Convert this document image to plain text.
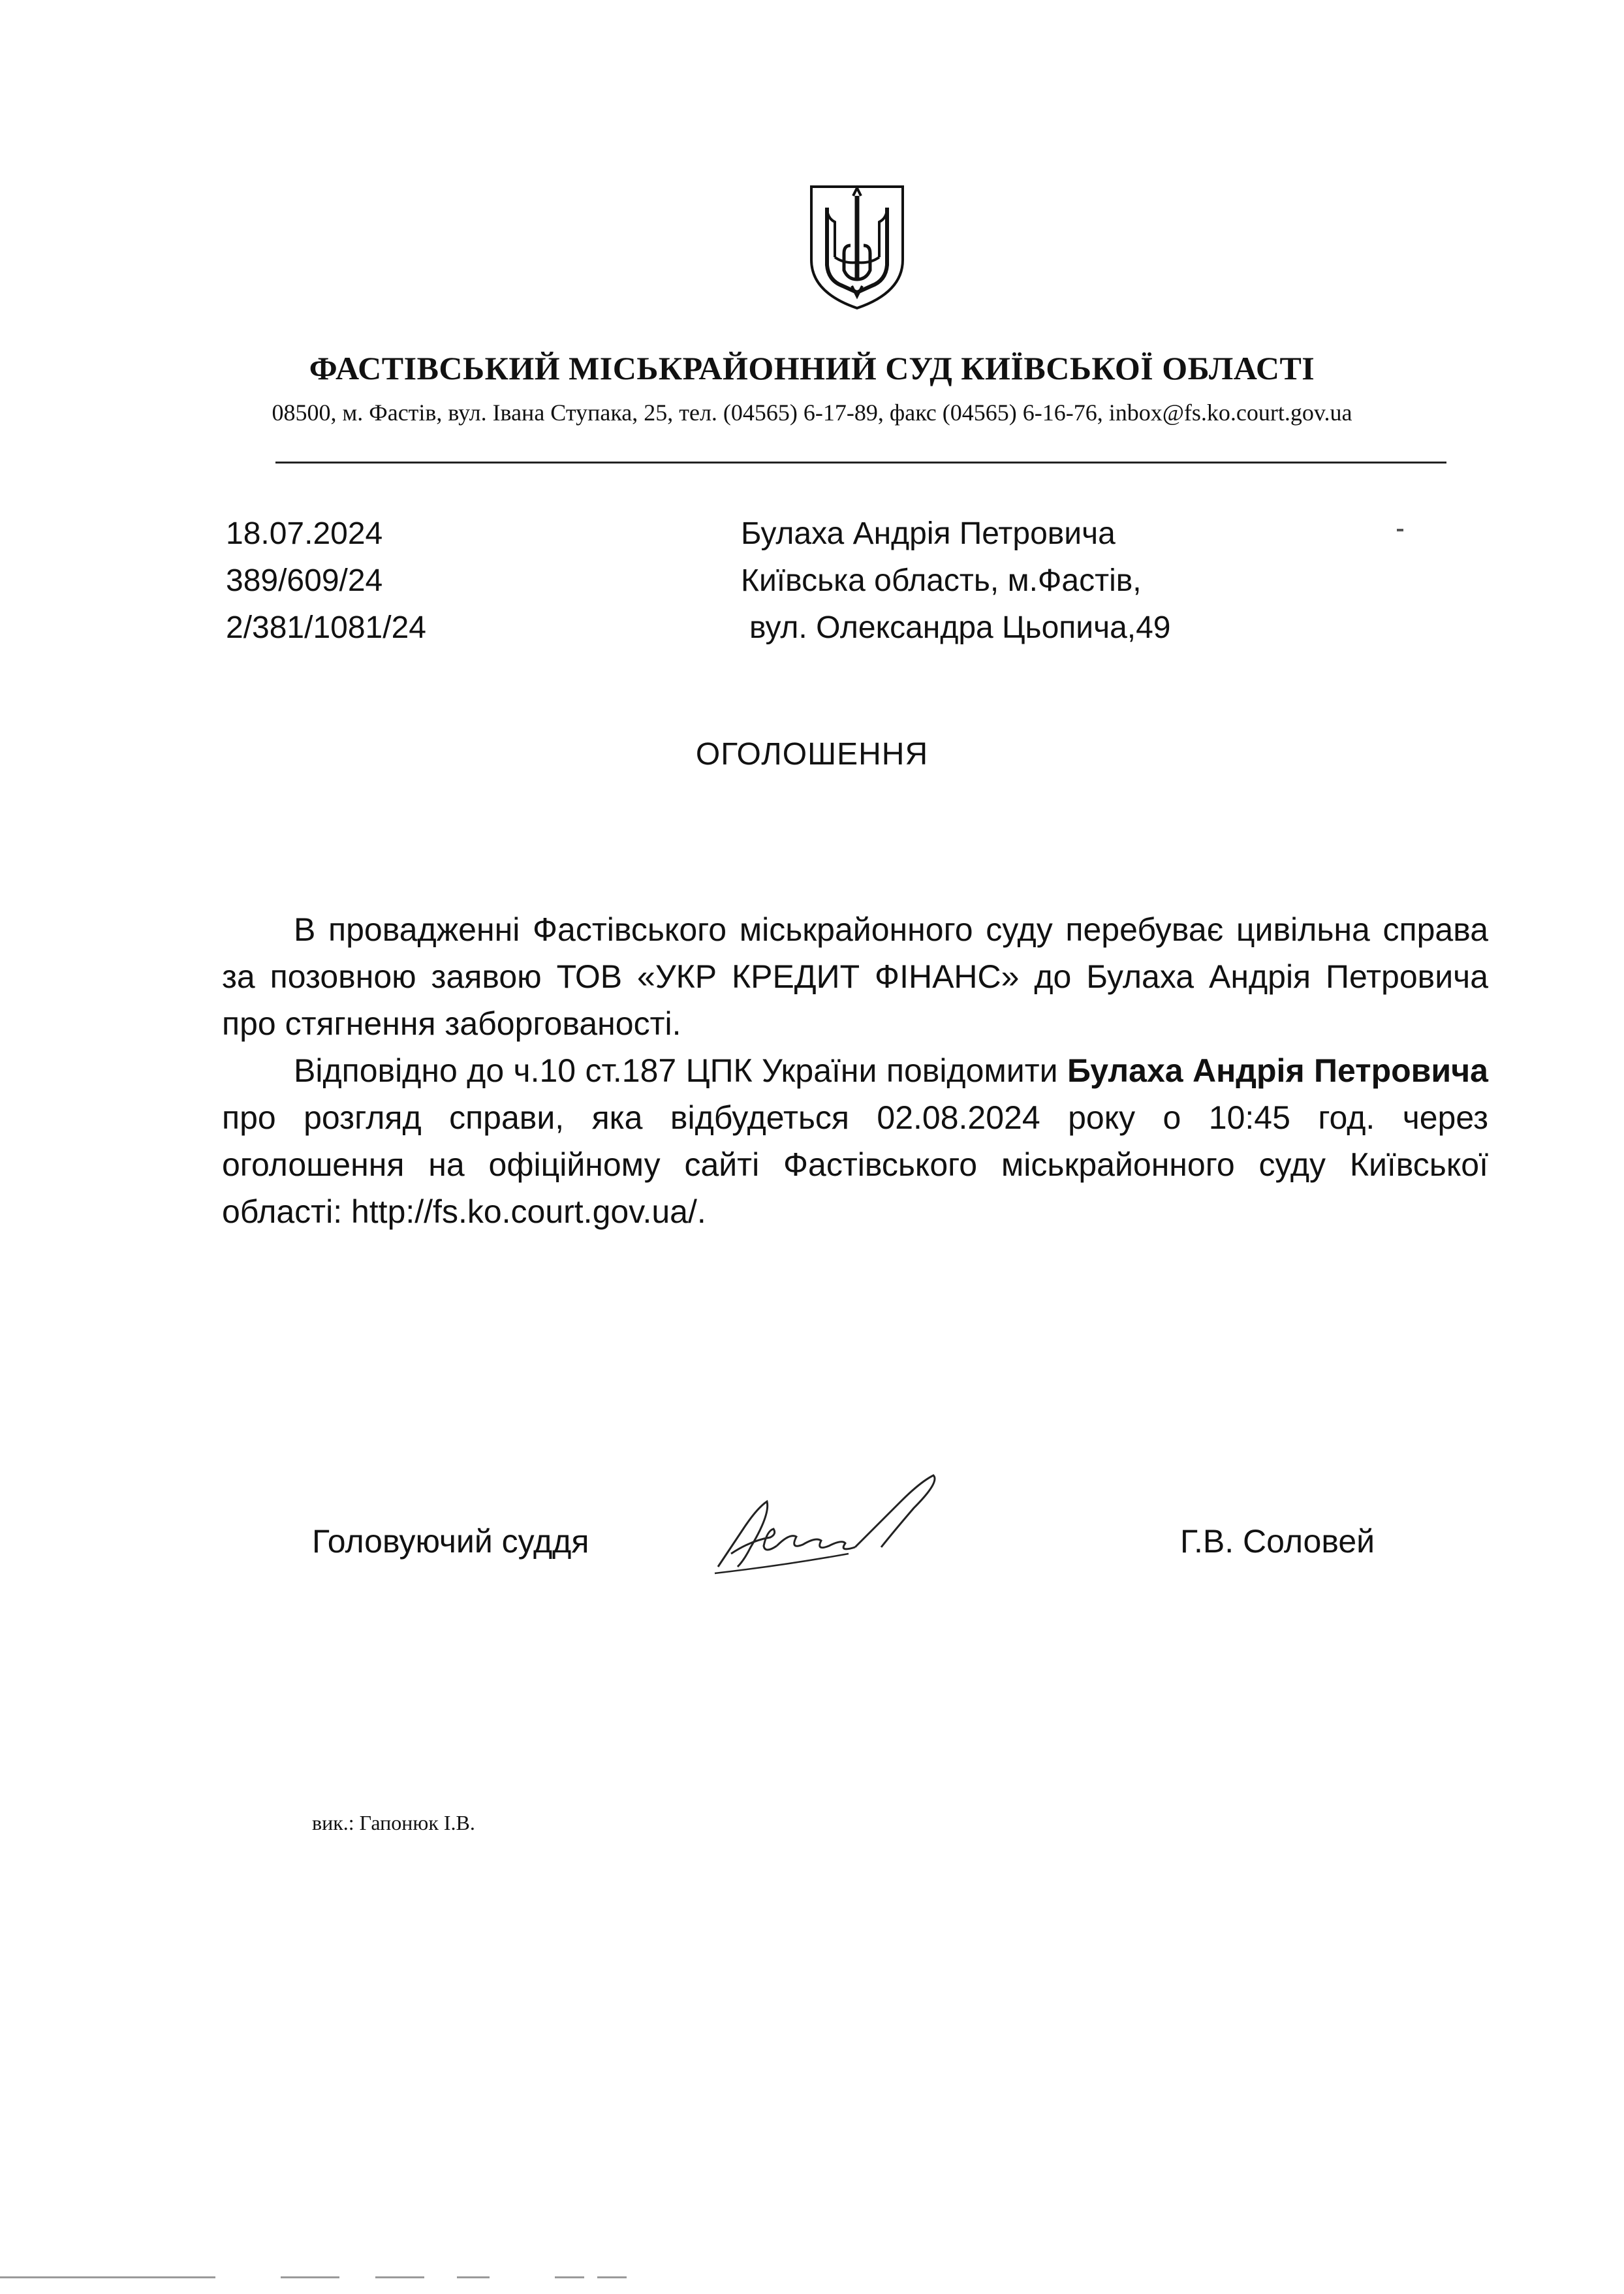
ФАСТІВСЬКИЙ МІСЬКРАЙОННИЙ СУД КИЇВСЬКОЇ ОБЛАСТІ
08500, м. Фастів, вул. Івана Ступака, 25, тел. (04565) 6-17-89, факс (04565) 6-16-76, inbox@fs.ko.court.gov.ua
18.07.2024
389/609/24
2/381/1081/24
Булаха Андрія Петровича
Київська область, м.Фастів,
вул. Олександра Цьопича,49
ОГОЛОШЕННЯ

В провадженні Фастівського міськрайонного суду перебуває цивільна справа за позовною заявою ТОВ «УКР КРЕДИТ ФІНАНС» до Булаха Андрія Петровича про стягнення заборгованості.

Відповідно до ч.10 ст.187 ЦПК України повідомити Булаха Андрія Петровича про розгляд справи, яка відбудеться 02.08.2024 року о 10:45 год. через оголошення на офіційному сайті Фастівського міськрайонного суду Київської області: http://fs.ko.court.gov.ua/.

Головуючий суддя	Г.В. Соловей
вик.: Гапонюк І.В.
